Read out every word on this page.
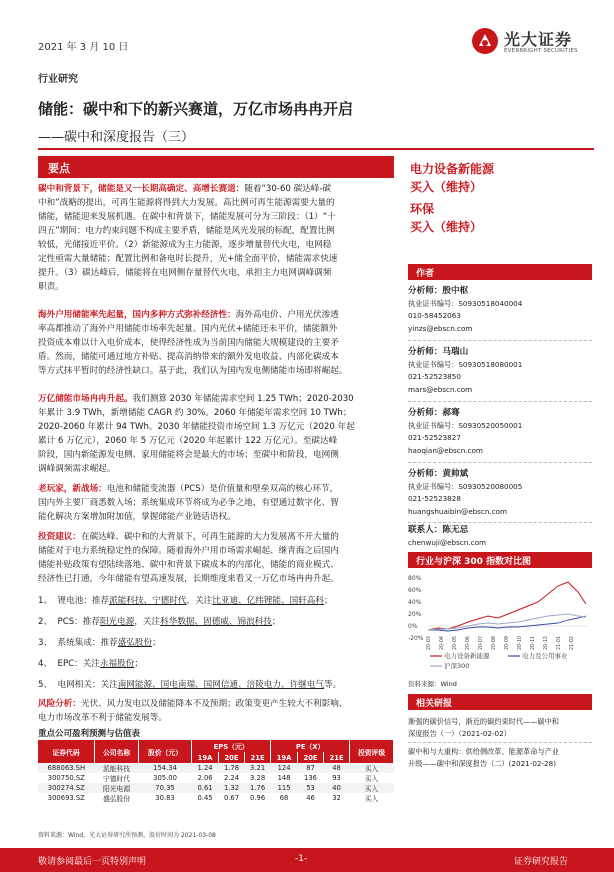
2021 年 3 月 10 日
行业研究
光大证券
EVERBRIGHT SECURITIES
储能：碳中和下的新兴赛道，万亿市场冉冉开启
——碳中和深度报告（三）
要点
碳中和背景下，储能是又一长期高确定、高增长赛道：随着“30-60 碳达峰-碳
中和”战略的提出，可再生能源将得到大力发展。高比例可再生能源需要大量的
储能，储能迎来发展机遇。在碳中和背景下，储能发展可分为三阶段：（1）“十
四五”期间：电力约束问题不构成主要矛盾，储能是风光发展的标配，配置比例
较低，光储接近平价。（2）新能源成为主力能源，逐步增量替代火电，电网稳
定性亟需大量储能；配置比例和备电时长提升，光+储全面平价，储能需求快速
提升。（3）碳达峰后，储能将在电网侧存量替代火电，承担主力电网调峰调频
职责。
海外户用储能率先起量，国内多种方式弥补经济性：海外高电价、户用光伏渗透
率高都推动了海外户用储能市场率先起量。国内光伏+储能还未平价，储能额外
投资成本难以计入电价成本，使得经济性成为当前国内储能大规模建设的主要矛
盾。然而，储能可通过地方补贴、提高消纳带来的额外发电收益、内部化碳成本
等方式抹平暂时的经济性缺口。基于此，我们认为国内发电侧储能市场即将崛起。
万亿储能市场冉冉升起。我们测算 2030 年储能需求空间 1.25 TWh；2020-2030
年累计 3.9 TWh，新增储能 CAGR 约 30%。2060 年储能年需求空间 10 TWh；
2020-2060 年累计 94 TWh。2030 年储能投资市场空间 1.3 万亿元（2020 年起
累计 6 万亿元），2060 年 5 万亿元（2020 年起累计 122 万亿元）。至碳达峰
阶段，国内新能源发电侧、家用储能将会是最大的市场；至碳中和阶段，电网侧
调峰调频需求崛起。
老玩家，新战场：电池和储能变流器（PCS）是价值量和壁垒双高的核心环节，
国内外主要厂商悉数入场；系统集成环节将成为必争之地，有望通过数字化、智
能化解决方案增加附加值，掌握储能产业链话语权。
投资建议：在碳达峰、碳中和的大背景下，可再生能源的大力发展离不开大量的
储能对于电力系统稳定性的保障。随着海外户用市场需求崛起、继青海之后国内
储能补贴政策有望陆续落地、碳中和背景下碳成本的内部化，储能的商业模式、
经济性已打通，今年储能有望高速发展，长期维度来看又一万亿市场冉冉升起。
1、 锂电池：推荐派能科技、宁德时代，关注比亚迪、亿纬锂能、国轩高科；
2、 PCS：推荐阳光电源，关注科华数据、固德威、锦浪科技；
3、 系统集成：推荐盛弘股份；
4、 EPC：关注永福股份；
5、 电网相关：关注南网能源、国电南瑞、国网信通、涪陵电力、许继电气等。
电力设备新能源
买入（维持）
环保
买入（维持）
作者
分析师：殷中枢
执业证书编号：S0930518040004
010-58452063
yinzs@ebscn.com
分析师：马瑞山
执业证书编号：S0930518080001
021-52523850
mars@ebscn.com
分析师：郝骞
执业证书编号：S0930520050001
021-52523827
haoqian@ebscn.com
分析师：黄帅斌
执业证书编号：S0930520080005
021-52523828
huangshuaibin@ebscn.com
联系人：陈无忌
chenwuji@ebscn.com
行业与沪深 300 指数对比图
80%
60%
40%
20%
0%
-20% 20-03 20-04 20-05 20-06 20-07 20-08 20-09 20-10 20-11 20-12 21-01 21-02
电力设备新能源	电力及公用事业
沪深300
资料来源：Wind
相关研报
渐强的碳价信号，渐近的碳约束时代——碳中和
深度报告（一）（2021-02-02）
碳中和与大重构：供给侧改革、能源革命与产业
升级——碳中和深度报告（二）(2021-02-28)
重点公司盈利预测与估值表
证券代码	公司名称	股价（元）	EPS（元）			PE（X）			投资评级
			19A	20E	21E	19A	20E	21E	
688063.SH	派能科技	154.34	1.24	1.78	3.21	124	87	48	买入
300750.SZ	宁德时代	305.00	2.06	2.24	3.28	148	136	93	买入
300274.SZ	阳光电源	70.35	0.61	1.32	1.76	115	53	40	买入
300693.SZ	盛弘股份	30.83	0.45	0.67	0.96	68	46	32	买入
资料来源：Wind，光大证券研究所预测，股价时间为 2021-03-08
敬请参阅最后一页特别声明	-1-	证券研究报告
风险分析：光伏、风力发电以及储能降本不及预期；政策变更产生较大不利影响、
电力市场改革不利于储能发展等。
